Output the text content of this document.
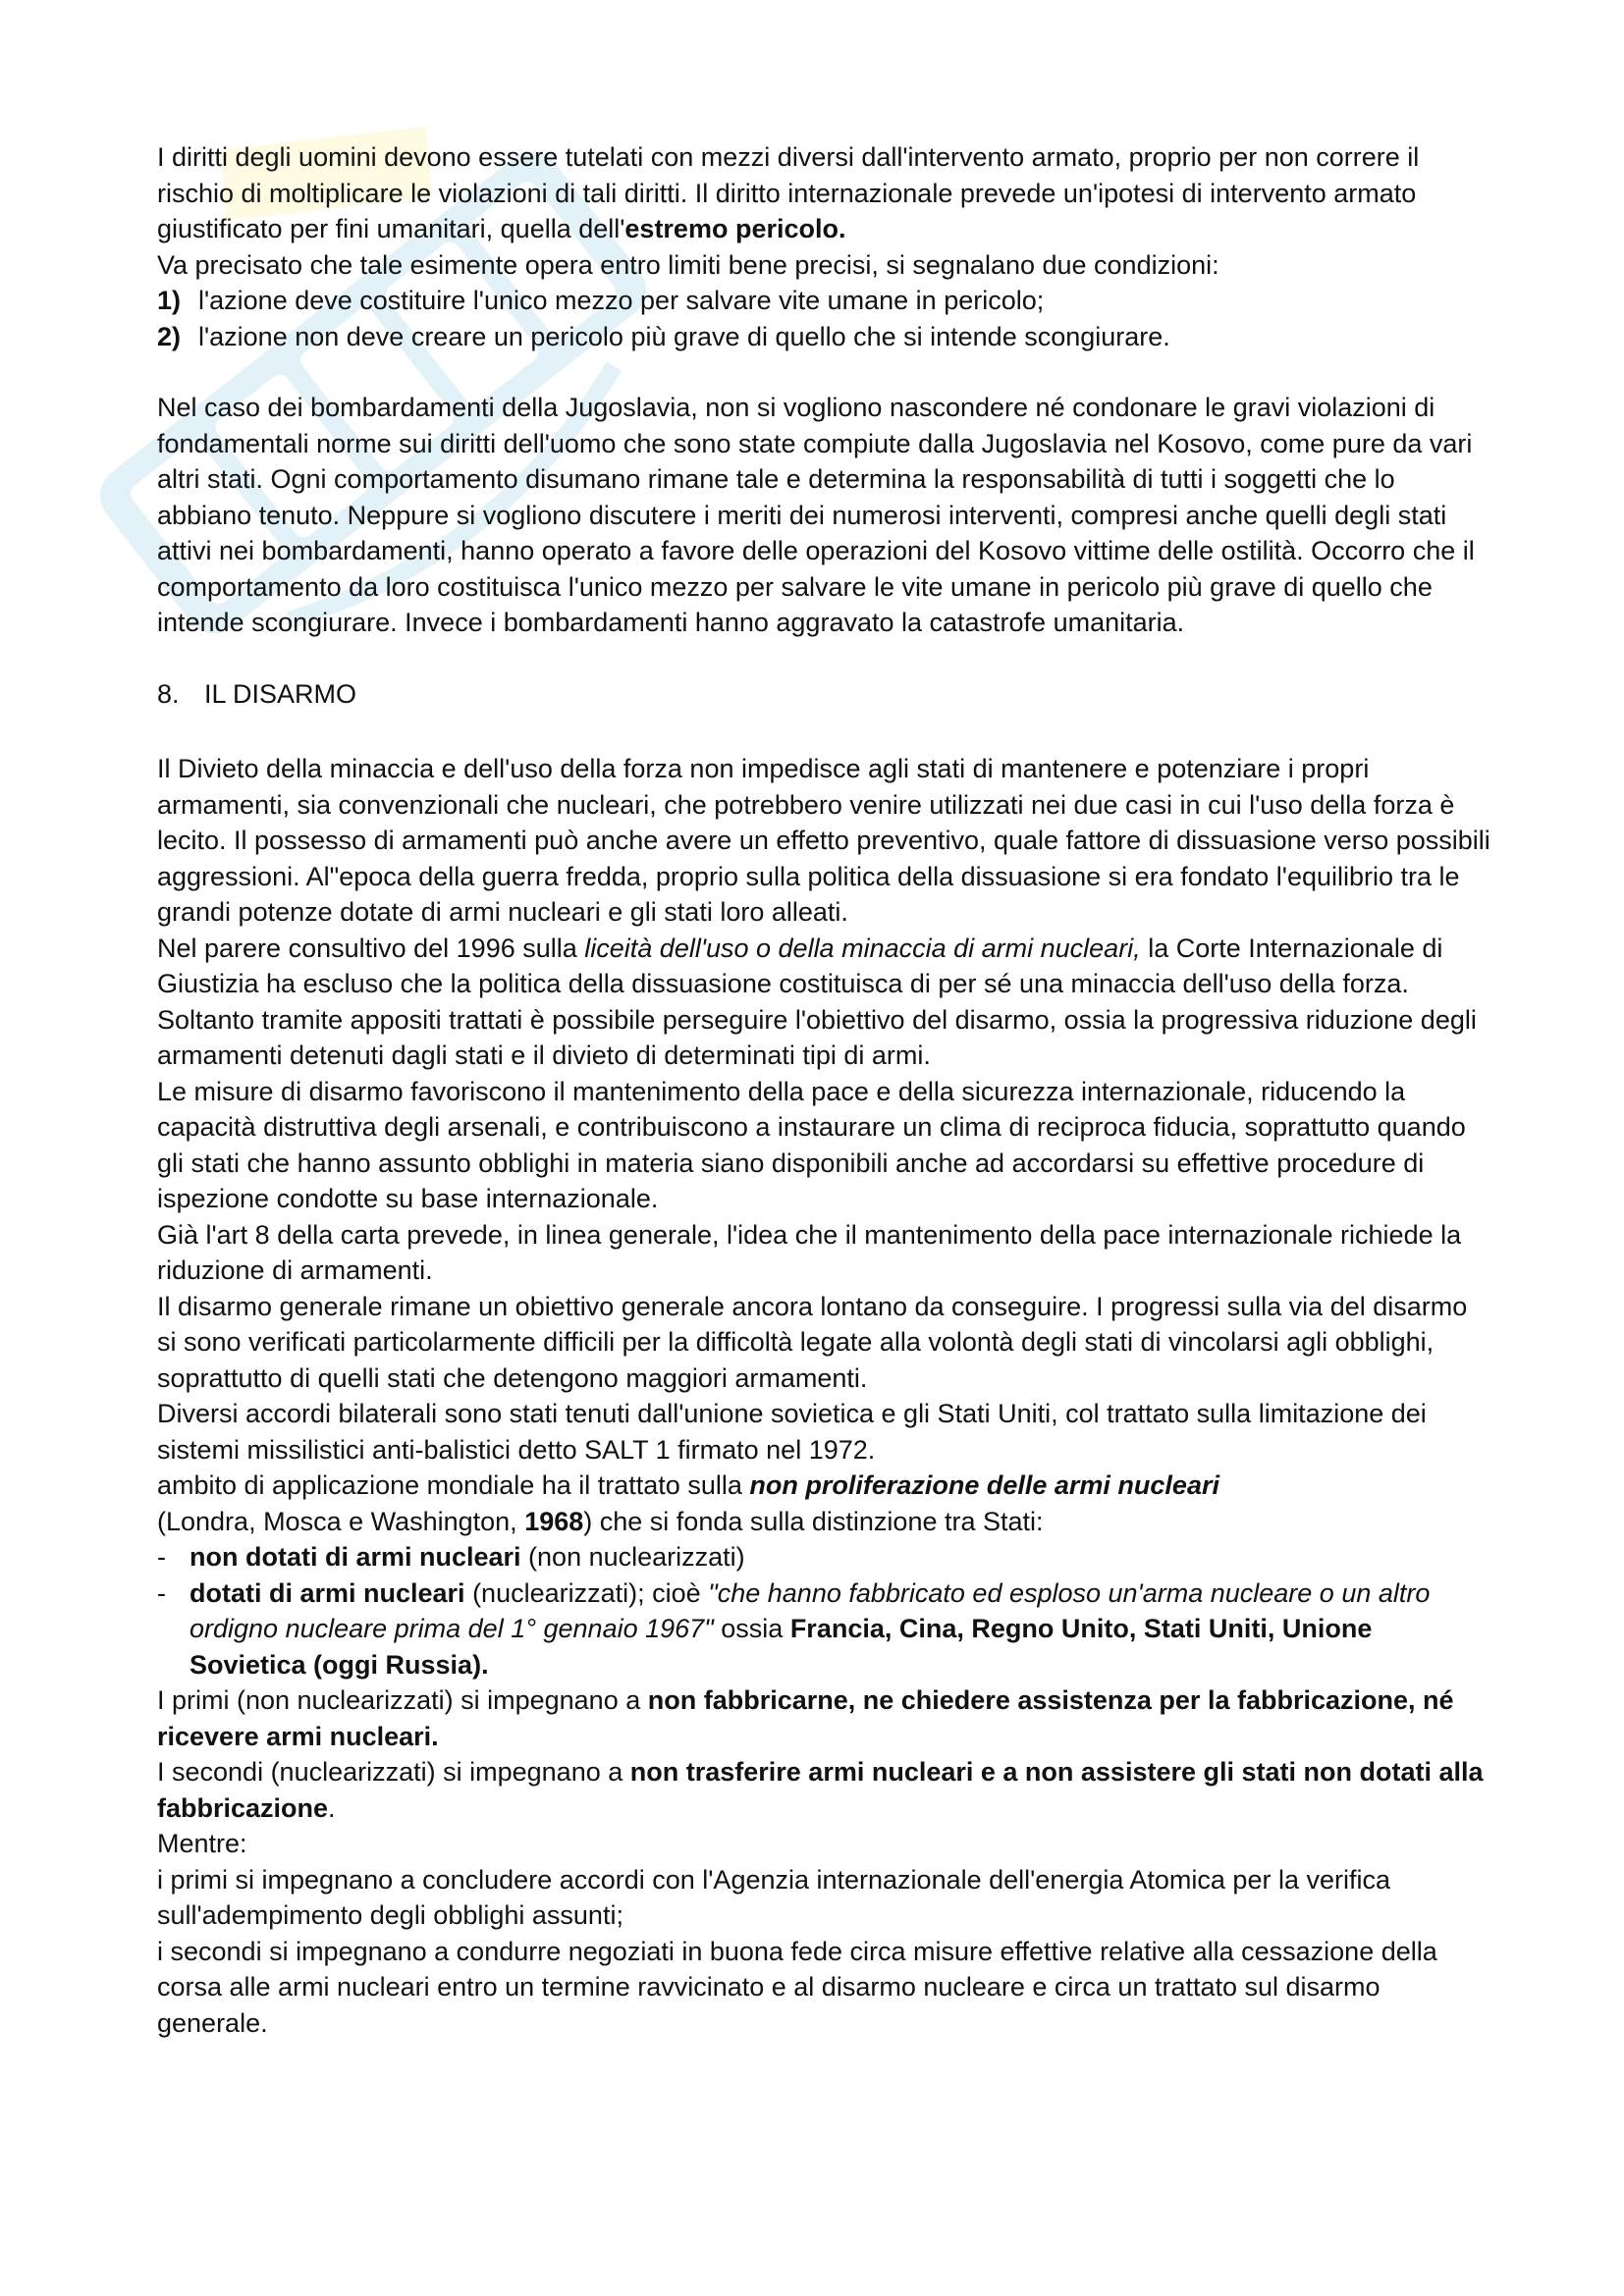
I diritti degli uomini devono essere tutelati con mezzi diversi dall'intervento armato, proprio per non correre il rischio di moltiplicare le violazioni di tali diritti. Il diritto internazionale prevede un'ipotesi di intervento armato giustificato per fini umanitari, quella dell'estremo pericolo.

Va precisato che tale esimente opera entro limiti bene precisi, si segnalano due condizioni:

1) l'azione deve costituire l'unico mezzo per salvare vite umane in pericolo;
2) l'azione non deve creare un pericolo più grave di quello che si intende scongiurare.

Nel caso dei bombardamenti della Jugoslavia, non si vogliono nascondere né condonare le gravi violazioni di fondamentali norme sui diritti dell'uomo che sono state compiute dalla Jugoslavia nel Kosovo, come pure da vari altri stati. Ogni comportamento disumano rimane tale e determina la responsabilità di tutti i soggetti che lo abbiano tenuto. Neppure si vogliono discutere i meriti dei numerosi interventi, compresi anche quelli degli stati attivi nei bombardamenti, hanno operato a favore delle operazioni del Kosovo vittime delle ostilità. Occorro che il comportamento da loro costituisca l'unico mezzo per salvare le vite umane in pericolo più grave di quello che intende scongiurare. Invece i bombardamenti hanno aggravato la catastrofe umanitaria.

8. IL DISARMO

Il Divieto della minaccia e dell'uso della forza non impedisce agli stati di mantenere e potenziare i propri armamenti, sia convenzionali che nucleari, che potrebbero venire utilizzati nei due casi in cui l'uso della forza è lecito. Il possesso di armamenti può anche avere un effetto preventivo, quale fattore di dissuasione verso possibili aggressioni. Al"epoca della guerra fredda, proprio sulla politica della dissuasione si era fondato l'equilibrio tra le grandi potenze dotate di armi nucleari e gli stati loro alleati.

Nel parere consultivo del 1996 sulla liceità dell'uso o della minaccia di armi nucleari, la Corte Internazionale di Giustizia ha escluso che la politica della dissuasione costituisca di per sé una minaccia dell'uso della forza.

Soltanto tramite appositi trattati è possibile perseguire l'obiettivo del disarmo, ossia la progressiva riduzione degli armamenti detenuti dagli stati e il divieto di determinati tipi di armi.

Le misure di disarmo favoriscono il mantenimento della pace e della sicurezza internazionale, riducendo la capacità distruttiva degli arsenali, e contribuiscono a instaurare un clima di reciproca fiducia, soprattutto quando gli stati che hanno assunto obblighi in materia siano disponibili anche ad accordarsi su effettive procedure di ispezione condotte su base internazionale.

Già l'art 8 della carta prevede, in linea generale, l'idea che il mantenimento della pace internazionale richiede la riduzione di armamenti.

Il disarmo generale rimane un obiettivo generale ancora lontano da conseguire. I progressi sulla via del disarmo si sono verificati particolarmente difficili per la difficoltà legate alla volontà degli stati di vincolarsi agli obblighi, soprattutto di quelli stati che detengono maggiori armamenti.

Diversi accordi bilaterali sono stati tenuti dall'unione sovietica e gli Stati Uniti, col trattato sulla limitazione dei sistemi missilistici anti-balistici detto SALT 1 firmato nel 1972.

ambito di applicazione mondiale ha il trattato sulla non proliferazione delle armi nucleari
(Londra, Mosca e Washington, 1968) che si fonda sulla distinzione tra Stati:

- non dotati di armi nucleari (non nuclearizzati)
- dotati di armi nucleari (nuclearizzati); cioè "che hanno fabbricato ed esploso un'arma nucleare o un altro ordigno nucleare prima del 1° gennaio 1967" ossia Francia, Cina, Regno Unito, Stati Uniti, Unione Sovietica (oggi Russia).

I primi (non nuclearizzati) si impegnano a non fabbricarne, ne chiedere assistenza per la fabbricazione, né ricevere armi nucleari.

I secondi (nuclearizzati) si impegnano a non trasferire armi nucleari e a non assistere gli stati non dotati alla fabbricazione.

Mentre:

i primi si impegnano a concludere accordi con l'Agenzia internazionale dell'energia Atomica per la verifica sull'adempimento degli obblighi assunti;

i secondi si impegnano a condurre negoziati in buona fede circa misure effettive relative alla cessazione della corsa alle armi nucleari entro un termine ravvicinato e al disarmo nucleare e circa un trattato sul disarmo generale.
